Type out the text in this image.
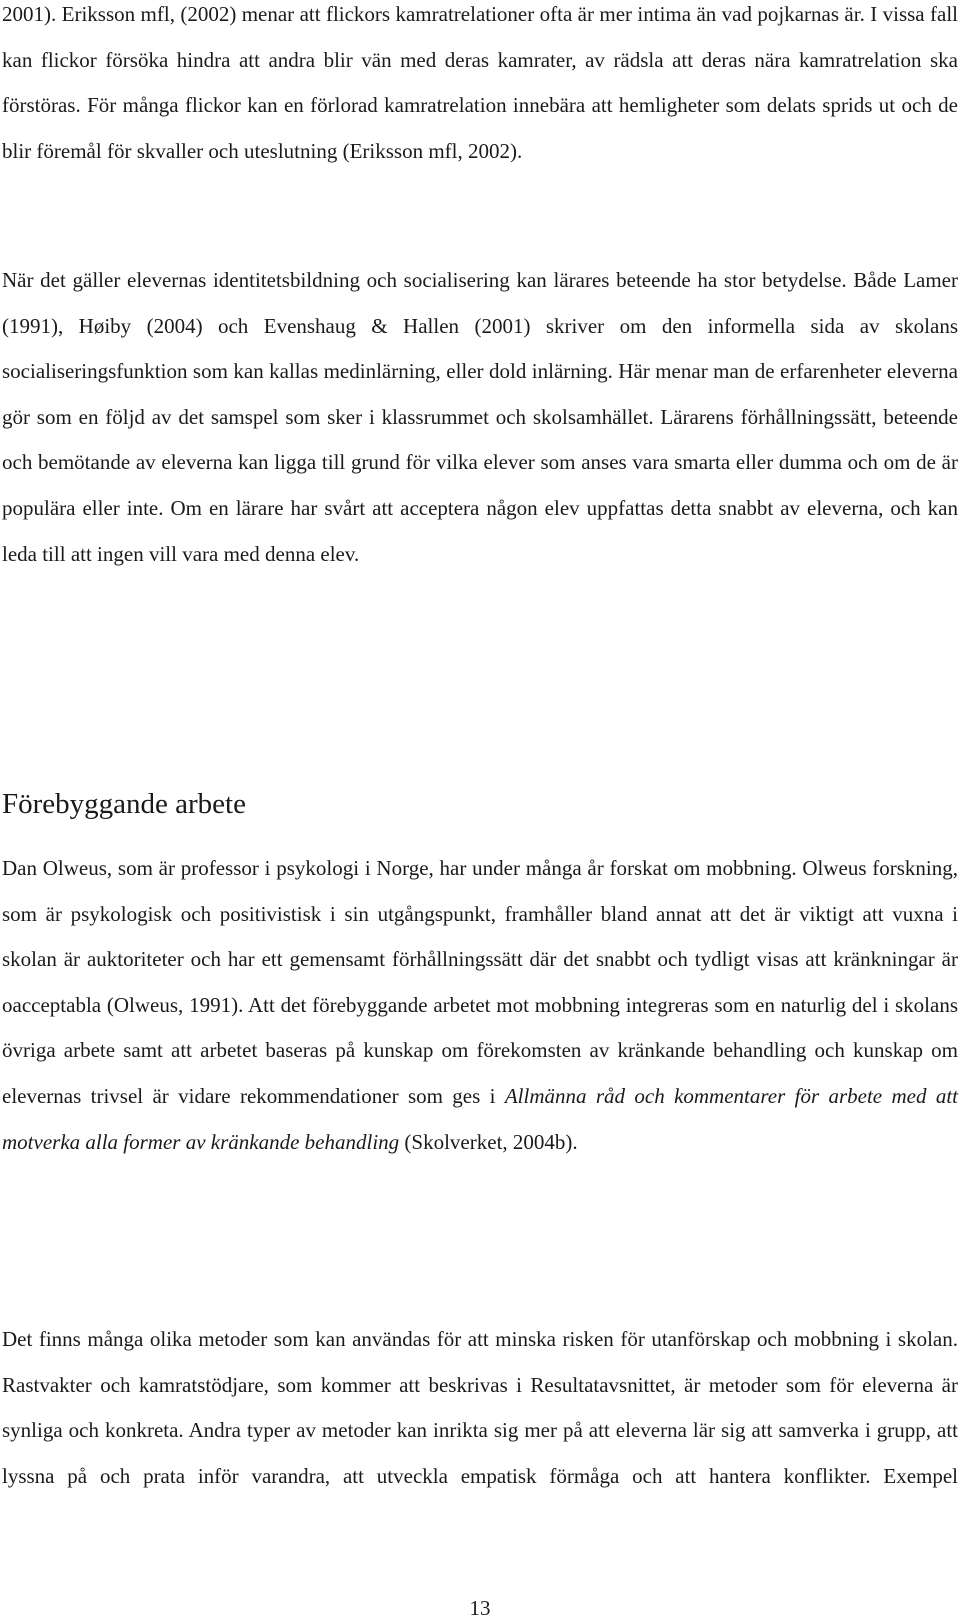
2001). Eriksson mfl, (2002) menar att flickors kamratrelationer ofta är mer intima än vad pojkarnas är. I vissa fall kan flickor försöka hindra att andra blir vän med deras kamrater, av rädsla att deras nära kamratrelation ska förstöras. För många flickor kan en förlorad kamratrelation innebära att hemligheter som delats sprids ut och de blir föremål för skvaller och uteslutning (Eriksson mfl, 2002).

När det gäller elevernas identitetsbildning och socialisering kan lärares beteende ha stor betydelse. Både Lamer (1991), Høiby (2004) och Evenshaug & Hallen (2001) skriver om den informella sida av skolans socialiseringsfunktion som kan kallas medinlärning, eller dold inlärning. Här menar man de erfarenheter eleverna gör som en följd av det samspel som sker i klassrummet och skolsamhället. Lärarens förhållningssätt, beteende och bemötande av eleverna kan ligga till grund för vilka elever som anses vara smarta eller dumma och om de är populära eller inte. Om en lärare har svårt att acceptera någon elev uppfattas detta snabbt av eleverna, och kan leda till att ingen vill vara med denna elev.

Förebyggande arbete

Dan Olweus, som är professor i psykologi i Norge, har under många år forskat om mobbning. Olweus forskning, som är psykologisk och positivistisk i sin utgångspunkt, framhåller bland annat att det är viktigt att vuxna i skolan är auktoriteter och har ett gemensamt förhållningssätt där det snabbt och tydligt visas att kränkningar är oacceptabla (Olweus, 1991). Att det förebyggande arbetet mot mobbning integreras som en naturlig del i skolans övriga arbete samt att arbetet baseras på kunskap om förekomsten av kränkande behandling och kunskap om elevernas trivsel är vidare rekommendationer som ges i Allmänna råd och kommentarer för arbete med att motverka alla former av kränkande behandling (Skolverket, 2004b).

Det finns många olika metoder som kan användas för att minska risken för utanförskap och mobbning i skolan. Rastvakter och kamratstödjare, som kommer att beskrivas i Resultatavsnittet, är metoder som för eleverna är synliga och konkreta. Andra typer av metoder kan inrikta sig mer på att eleverna lär sig att samverka i grupp, att lyssna på och prata inför varandra, att utveckla empatisk förmåga och att hantera konflikter. Exempel

13
